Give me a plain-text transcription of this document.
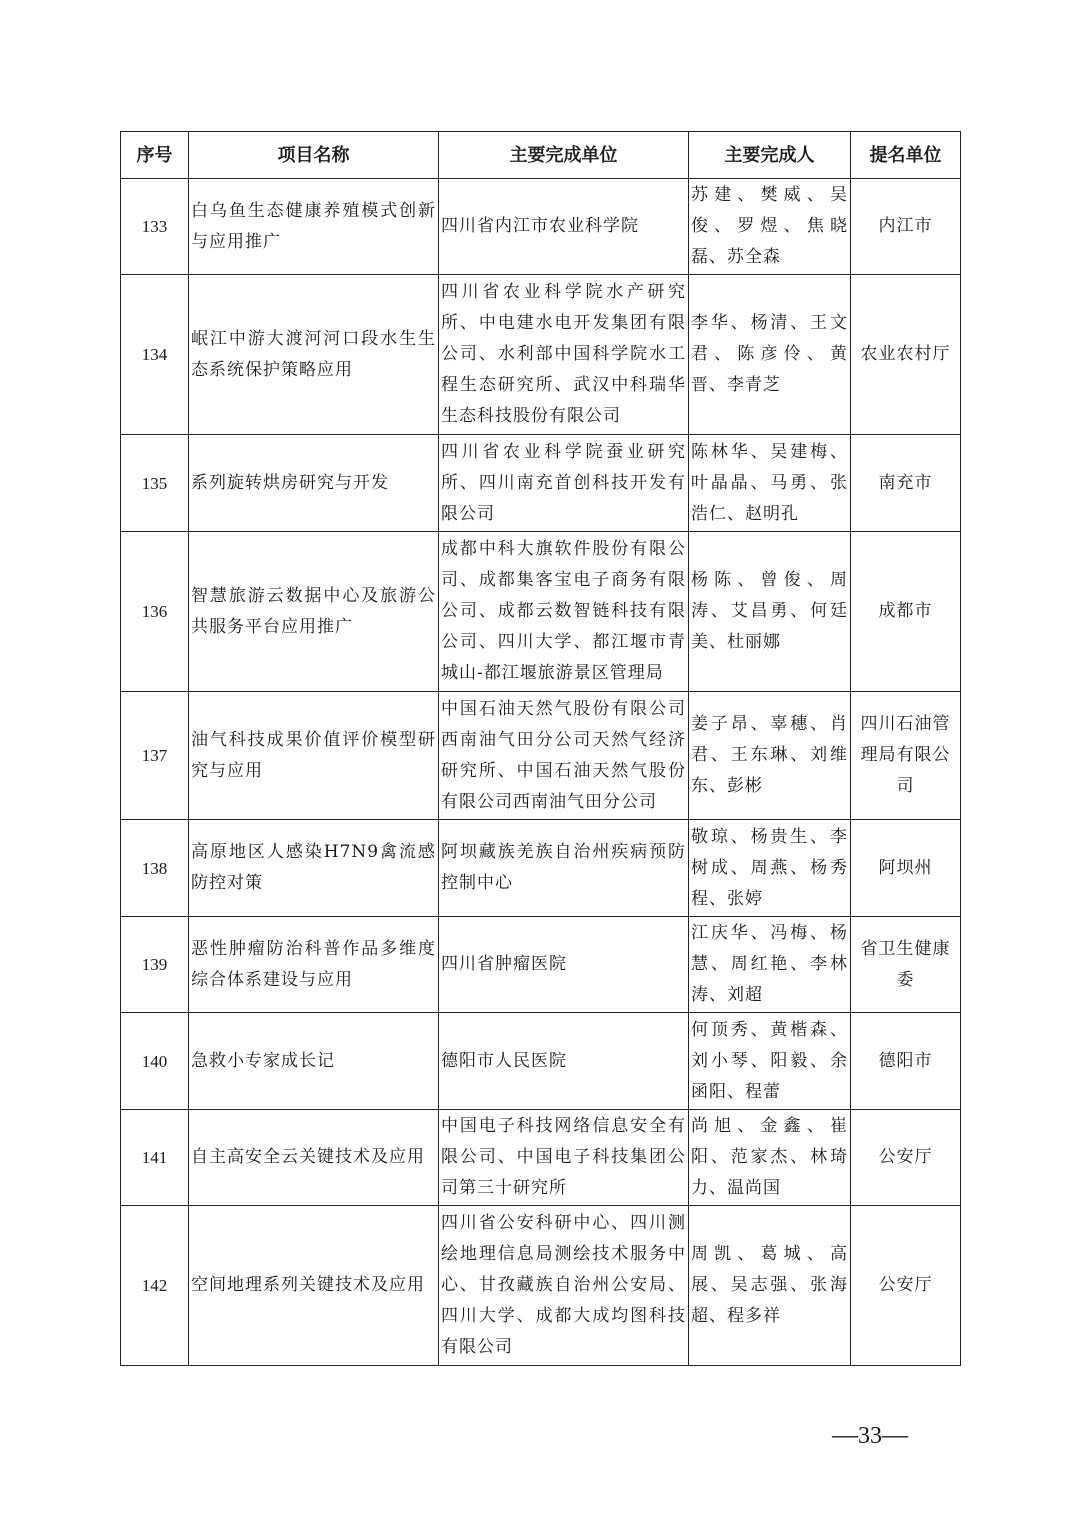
序号	项目名称	主要完成单位	主要完成人	提名单位
133	白乌鱼生态健康养殖模式创新与应用推广	四川省内江市农业科学院	苏建、樊威、吴俊、罗煜、焦晓磊、苏全森	内江市
134	岷江中游大渡河河口段水生生态系统保护策略应用	四川省农业科学院水产研究所、中电建水电开发集团有限公司、水利部中国科学院水工程生态研究所、武汉中科瑞华生态科技股份有限公司	李华、杨清、王文君、陈彦伶、黄晋、李青芝	农业农村厅
135	系列旋转烘房研究与开发	四川省农业科学院蚕业研究所、四川南充首创科技开发有限公司	陈林华、吴建梅、叶晶晶、马勇、张浩仁、赵明孔	南充市
136	智慧旅游云数据中心及旅游公共服务平台应用推广	成都中科大旗软件股份有限公司、成都集客宝电子商务有限公司、成都云数智链科技有限公司、四川大学、都江堰市青城山-都江堰旅游景区管理局	杨陈、曾俊、周涛、艾昌勇、何廷美、杜丽娜	成都市
137	油气科技成果价值评价模型研究与应用	中国石油天然气股份有限公司西南油气田分公司天然气经济研究所、中国石油天然气股份有限公司西南油气田分公司	姜子昂、辜穗、肖君、王东琳、刘维东、彭彬	四川石油管理局有限公司
138	高原地区人感染H7N9禽流感防控对策	阿坝藏族羌族自治州疾病预防控制中心	敬琼、杨贵生、李树成、周燕、杨秀程、张婷	阿坝州
139	恶性肿瘤防治科普作品多维度综合体系建设与应用	四川省肿瘤医院	江庆华、冯梅、杨慧、周红艳、李林涛、刘超	省卫生健康委
140	急救小专家成长记	德阳市人民医院	何顶秀、黄楷森、刘小琴、阳毅、余函阳、程蕾	德阳市
141	自主高安全云关键技术及应用	中国电子科技网络信息安全有限公司、中国电子科技集团公司第三十研究所	尚旭、金鑫、崔阳、范家杰、林琦力、温尚国	公安厅
142	空间地理系列关键技术及应用	四川省公安科研中心、四川测绘地理信息局测绘技术服务中心、甘孜藏族自治州公安局、四川大学、成都大成均图科技有限公司	周凯、葛城、高展、吴志强、张海超、程多祥	公安厅
—33—
